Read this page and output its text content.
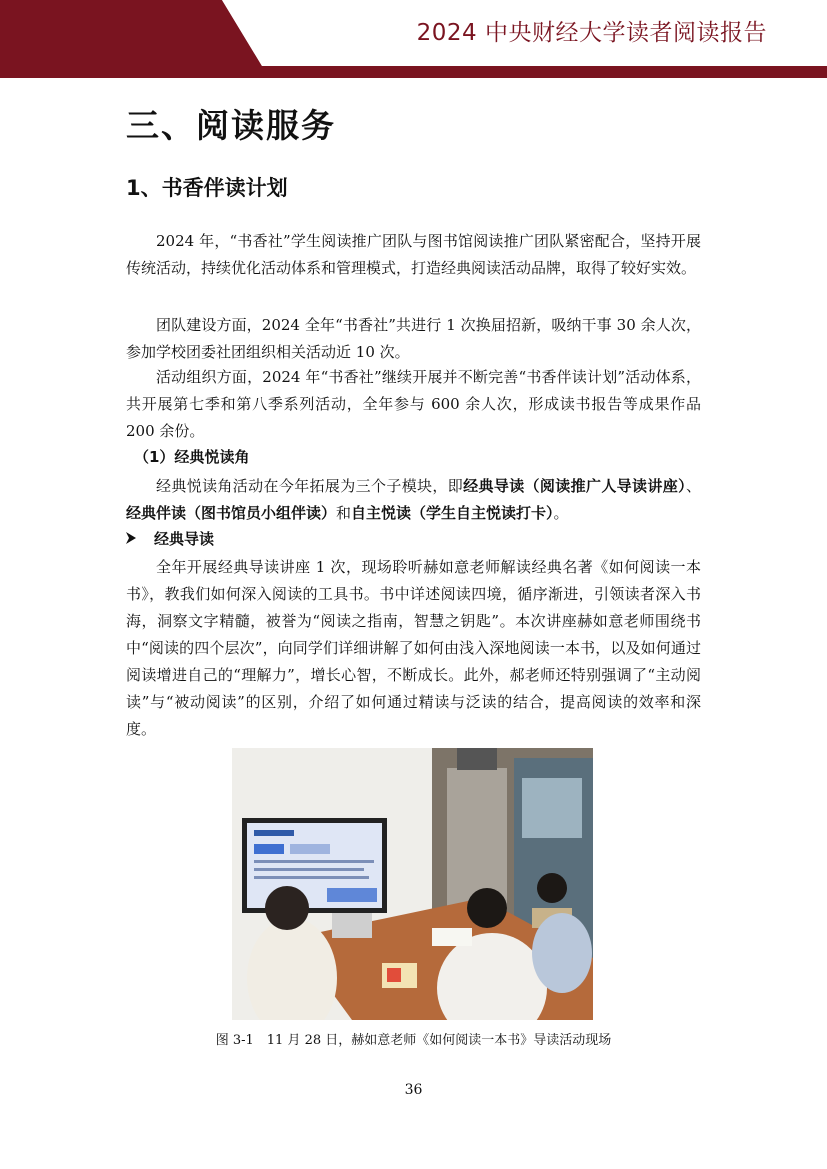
2024 中央财经大学读者阅读报告
三、阅读服务
1、书香伴读计划

2024 年，“书香社”学生阅读推广团队与图书馆阅读推广团队紧密配合，坚持开展传统活动，持续优化活动体系和管理模式，打造经典阅读活动品牌，取得了较好实效。

团队建设方面，2024 全年“书香社”共进行 1 次换届招新，吸纳干事 30 余人次，参加学校团委社团组织相关活动近 10 次。

活动组织方面，2024 年“书香社”继续开展并不断完善“书香伴读计划”活动体系，共开展第七季和第八季系列活动，全年参与 600 余人次，形成读书报告等成果作品 200 余份。

（1）经典悦读角

经典悦读角活动在今年拓展为三个子模块，即经典导读（阅读推广人导读讲座）、经典伴读（图书馆员小组伴读）和自主悦读（学生自主悦读打卡）。

经典导读

全年开展经典导读讲座 1 次，现场聆听赫如意老师解读经典名著《如何阅读一本书》，教我们如何深入阅读的工具书。书中详述阅读四境，循序渐进，引领读者深入书海，洞察文字精髓，被誉为“阅读之指南，智慧之钥匙”。本次讲座赫如意老师围绕书中“阅读的四个层次”，向同学们详细讲解了如何由浅入深地阅读一本书，以及如何通过阅读增进自己的“理解力”，增长心智，不断成长。此外，郝老师还特别强调了“主动阅读”与“被动阅读”的区别，介绍了如何通过精读与泛读的结合，提高阅读的效率和深度。

图 3-1　11 月 28 日，赫如意老师《如何阅读一本书》导读活动现场

36
